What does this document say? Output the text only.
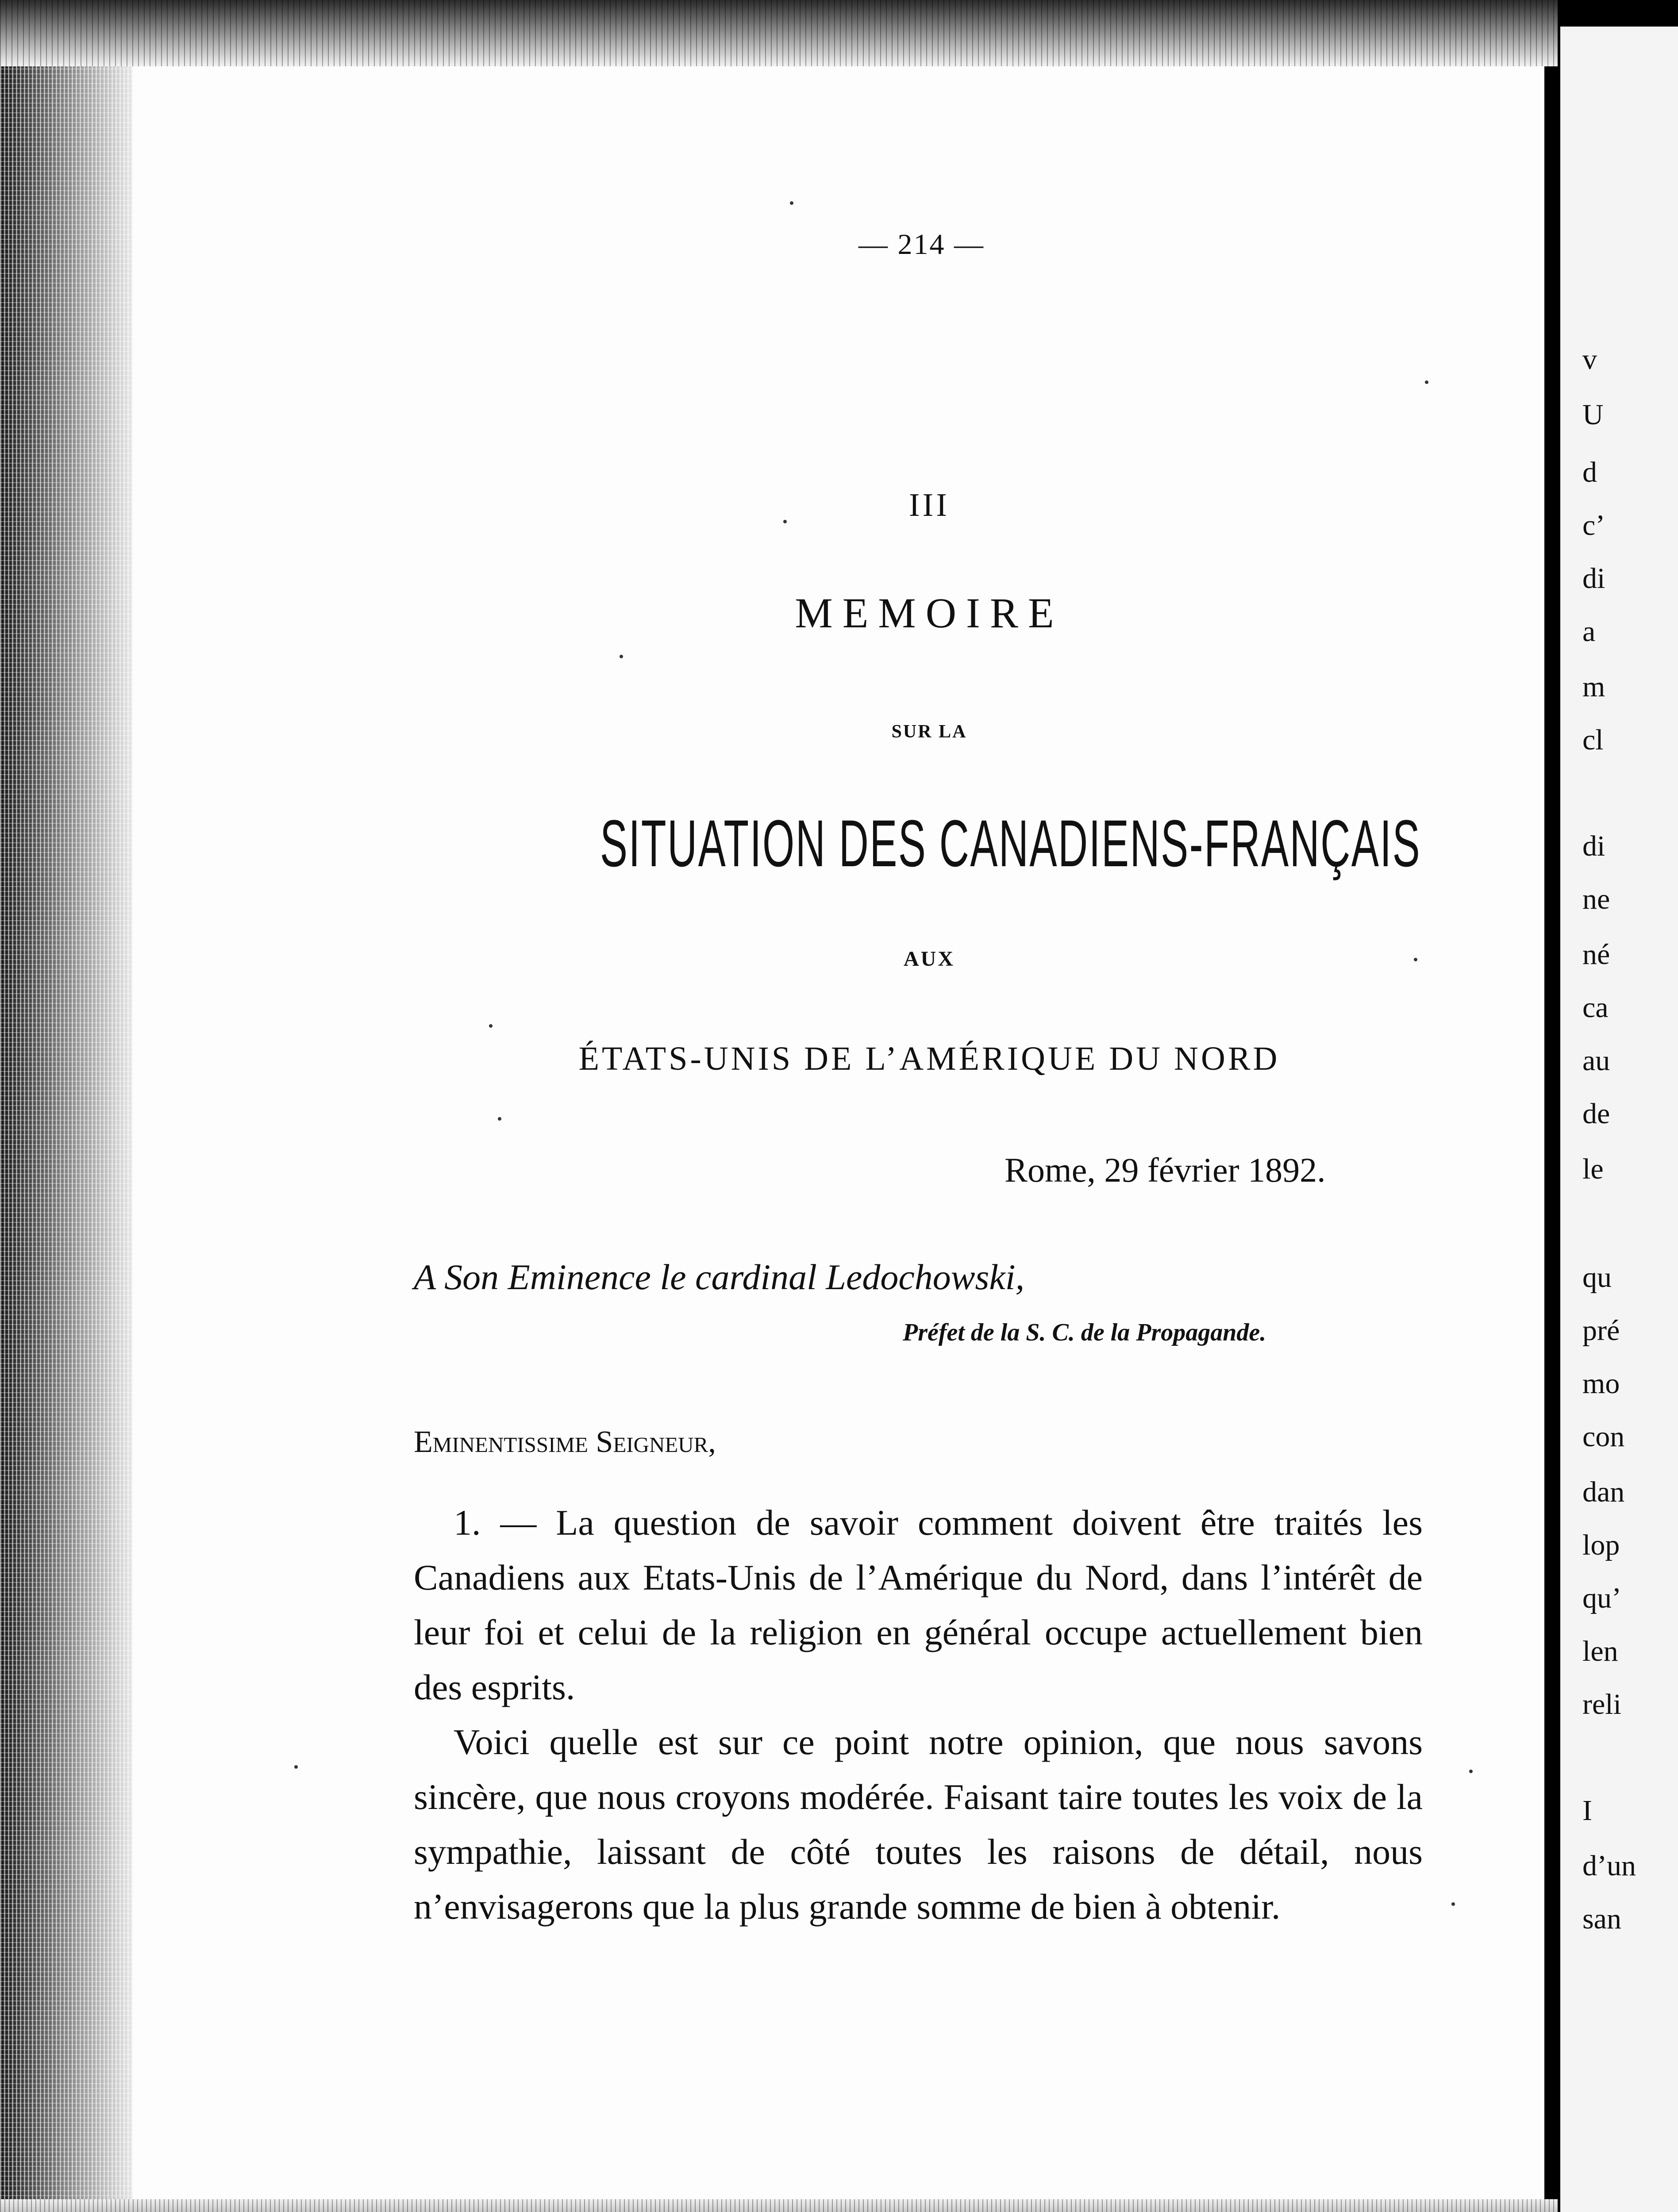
v
U
d
c’
di
a
m
cl
di
ne
né
ca
au
de
le
qu
pré
mo
con
dan
lop
qu’
len
reli
I
d’un
san
— 214 —
III
MEMOIRE
SUR LA
SITUATION DES CANADIENS-FRANÇAIS
AUX
ÉTATS-UNIS DE L’AMÉRIQUE DU NORD
Rome, 29 février 1892.
A Son Eminence le cardinal Ledochowski,
Préfet de la S. C. de la Propagande.
Eminentissime Seigneur,

1. — La question de savoir comment doivent être traités les Canadiens aux Etats-Unis de l’Amérique du Nord, dans l’intérêt de leur foi et celui de la religion en général occupe actuellement bien des esprits.

Voici quelle est sur ce point notre opinion, que nous savons sincère, que nous croyons modérée. Faisant taire toutes les voix de la sympathie, laissant de côté toutes les raisons de détail, nous n’envisagerons que la plus grande somme de bien à obtenir.
